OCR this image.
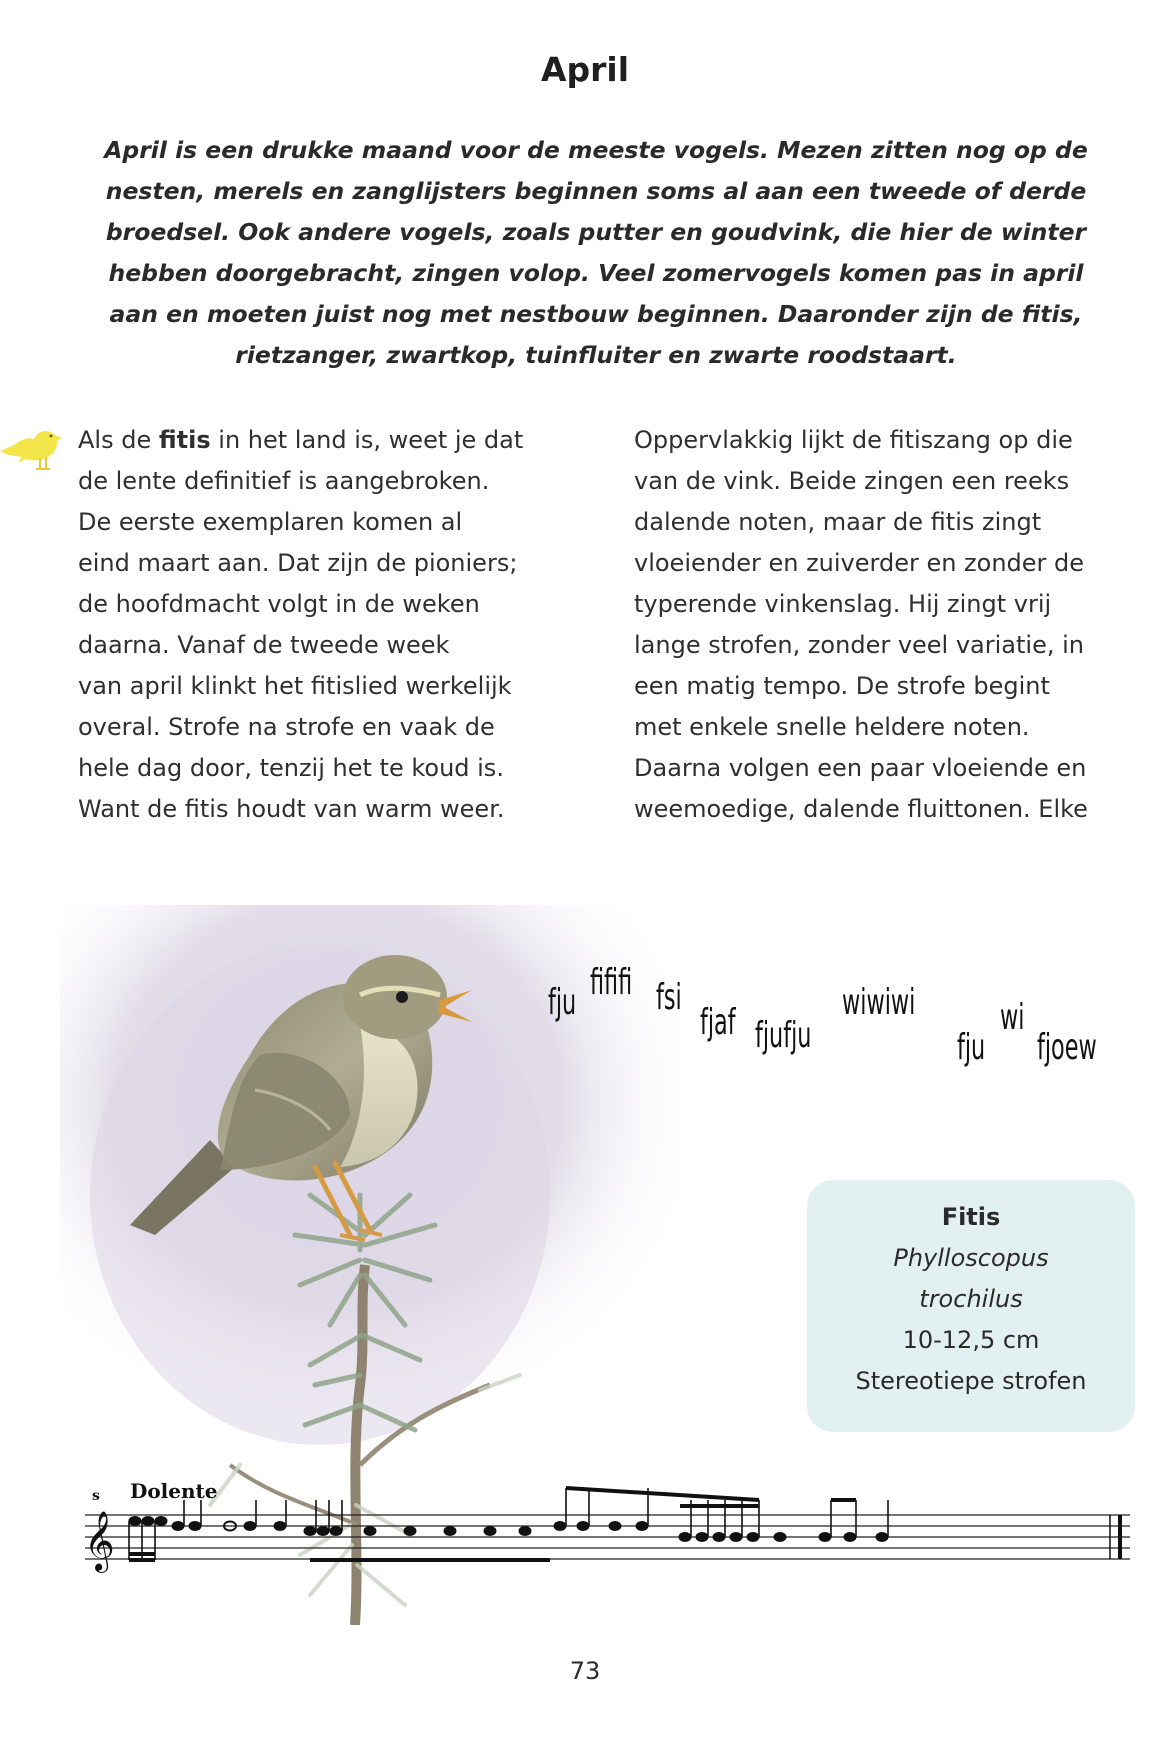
April

April is een drukke maand voor de meeste vogels. Mezen zitten nog op de nesten, merels en zanglijsters beginnen soms al aan een tweede of derde broedsel. Ook andere vogels, zoals putter en goudvink, die hier de winter hebben doorgebracht, zingen volop. Veel zomervogels komen pas in april aan en moeten juist nog met nestbouw beginnen. Daaronder zijn de fitis, rietzanger, zwartkop, tuinfluiter en zwarte roodstaart.

Als de fitis in het land is, weet je dat
de lente definitief is aangebroken.
De eerste exemplaren komen al
eind maart aan. Dat zijn de pioniers;
de hoofdmacht volgt in de weken
daarna. Vanaf de tweede week
van april klinkt het fitislied werkelijk
overal. Strofe na strofe en vaak de
hele dag door, tenzij het te koud is.
Want de fitis houdt van warm weer.
Oppervlakkig lijkt de fitiszang op die
van de vink. Beide zingen een reeks
dalende noten, maar de fitis zingt
vloeiender en zuiverder en zonder de
typerende vinkenslag. Hij zingt vrij
lange strofen, zonder veel variatie, in
een matig tempo. De strofe begint
met enkele snelle heldere noten.
Daarna volgen een paar vloeiende en
weemoedige, dalende fluittonen. Elke
fju fififi fsi
fjaf fjufju
wiwiwi
fju
wi
fjoew
Fitis
Phylloscopus
trochilus
10-12,5 cm
Stereotiepe strofen
s Dolente
𝄞
73
